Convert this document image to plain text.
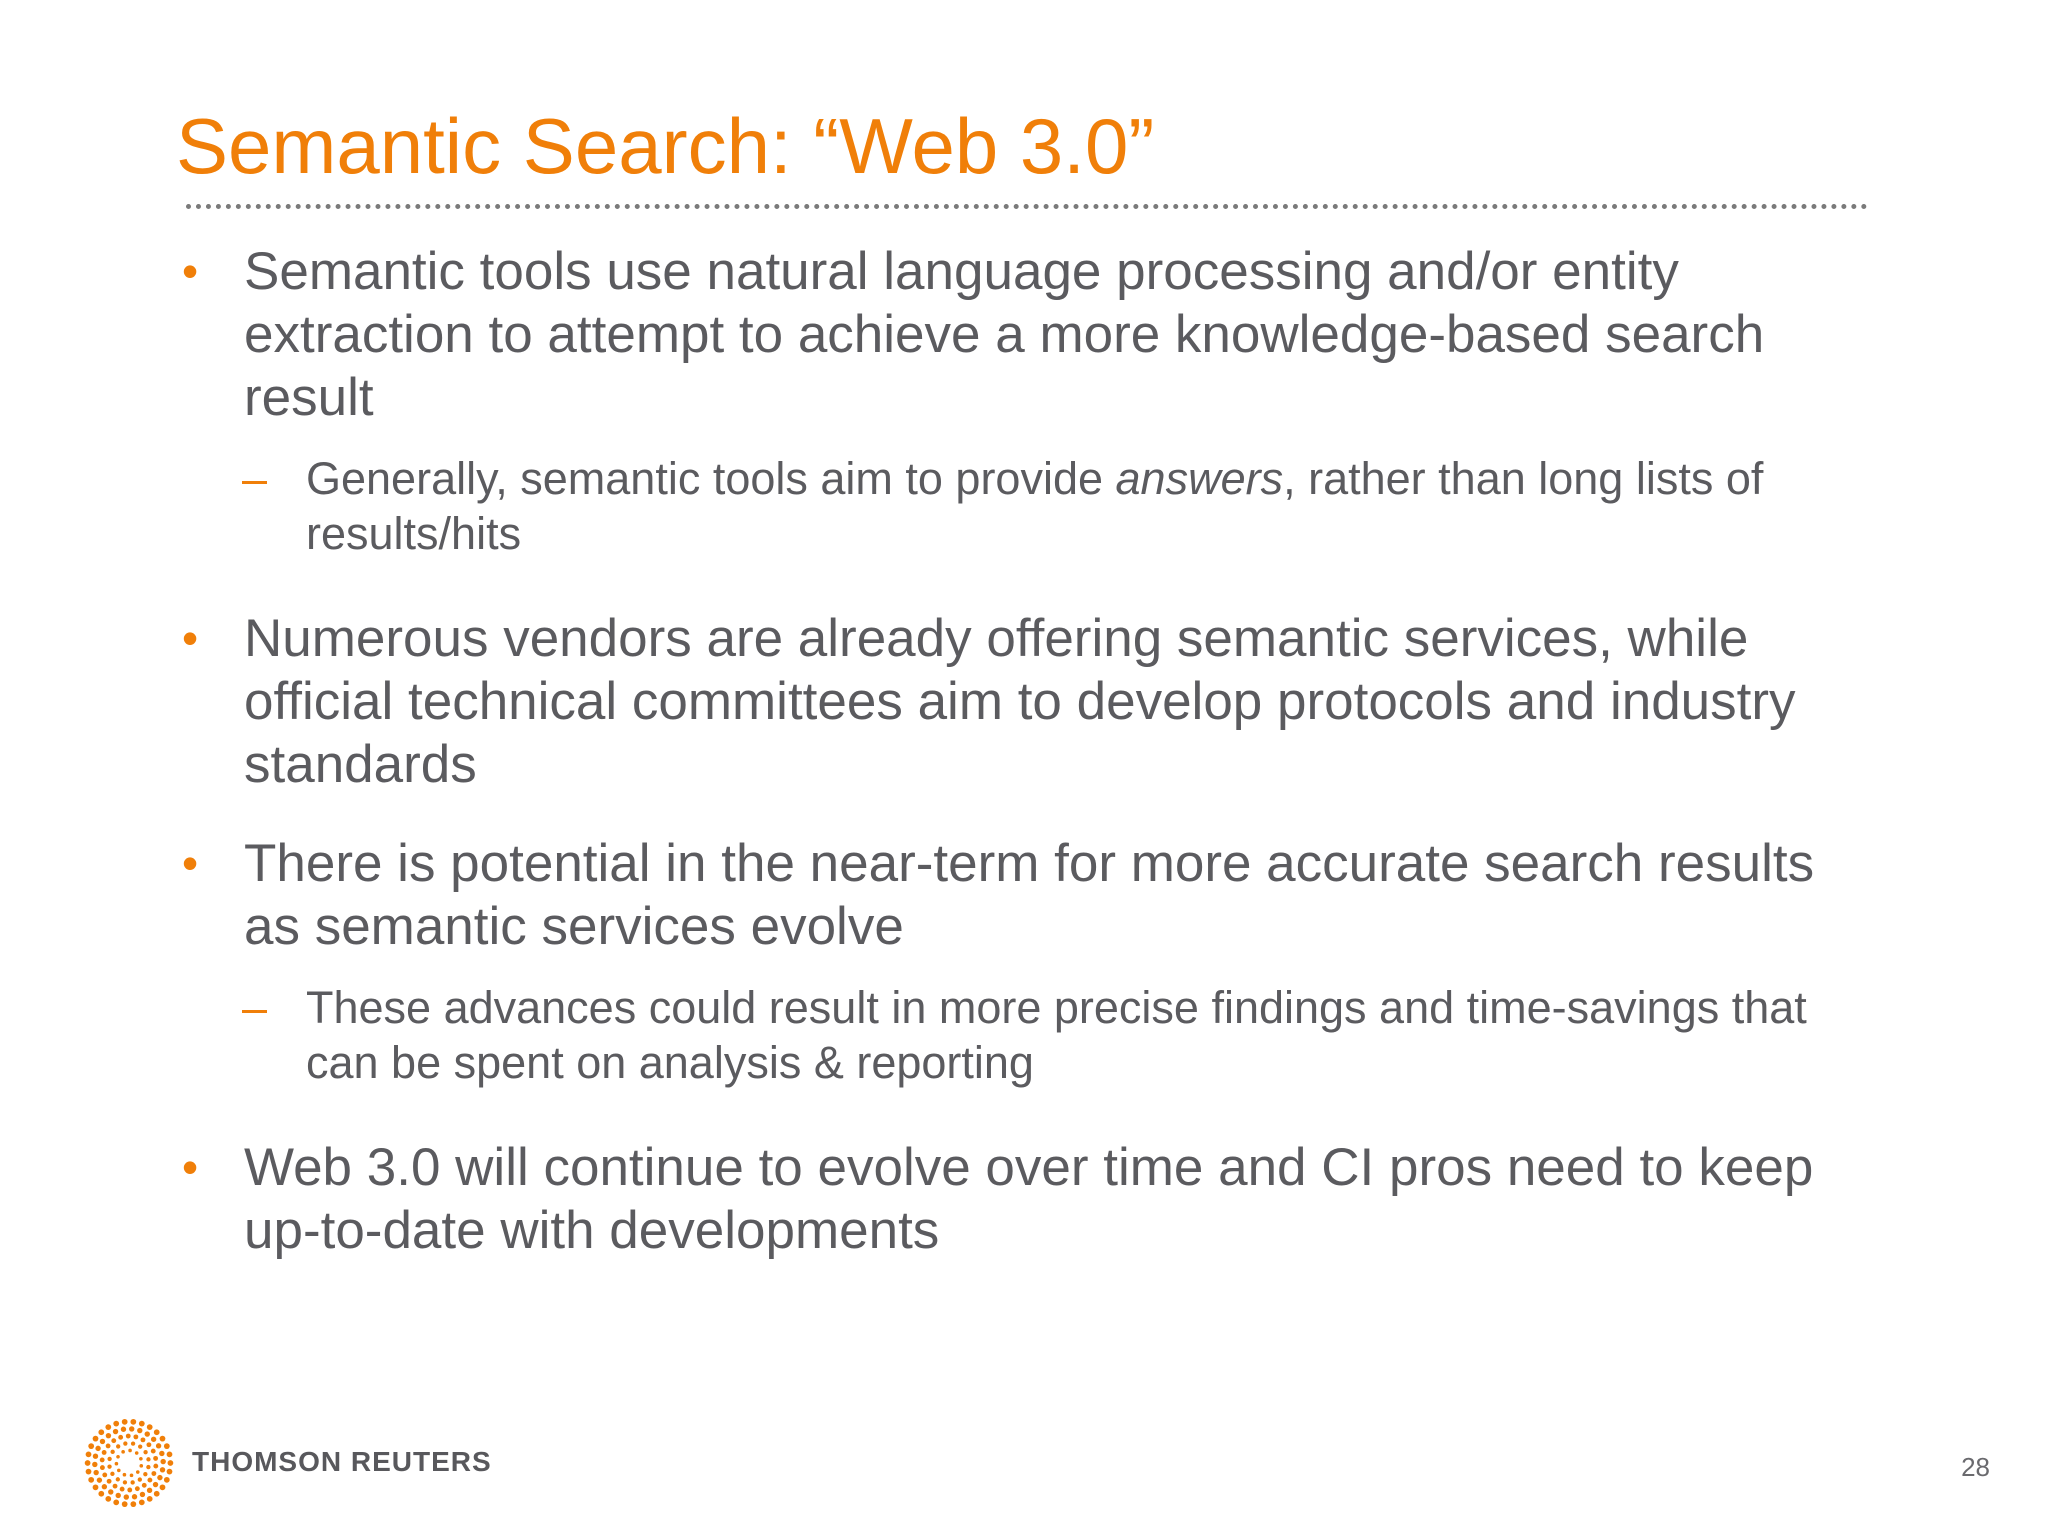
Semantic Search: “Web 3.0”
• Semantic tools use natural language processing and/or entity extraction to attempt to achieve a more knowledge-based search result
– Generally, semantic tools aim to provide answers, rather than long lists of results/hits
• Numerous vendors are already offering semantic services, while official technical committees aim to develop protocols and industry standards
• There is potential in the near-term for more accurate search results as semantic services evolve
– These advances could result in more precise findings and time-savings that can be spent on analysis & reporting
• Web 3.0 will continue to evolve over time and CI pros need to keep up-to-date with developments
THOMSON REUTERS	28
